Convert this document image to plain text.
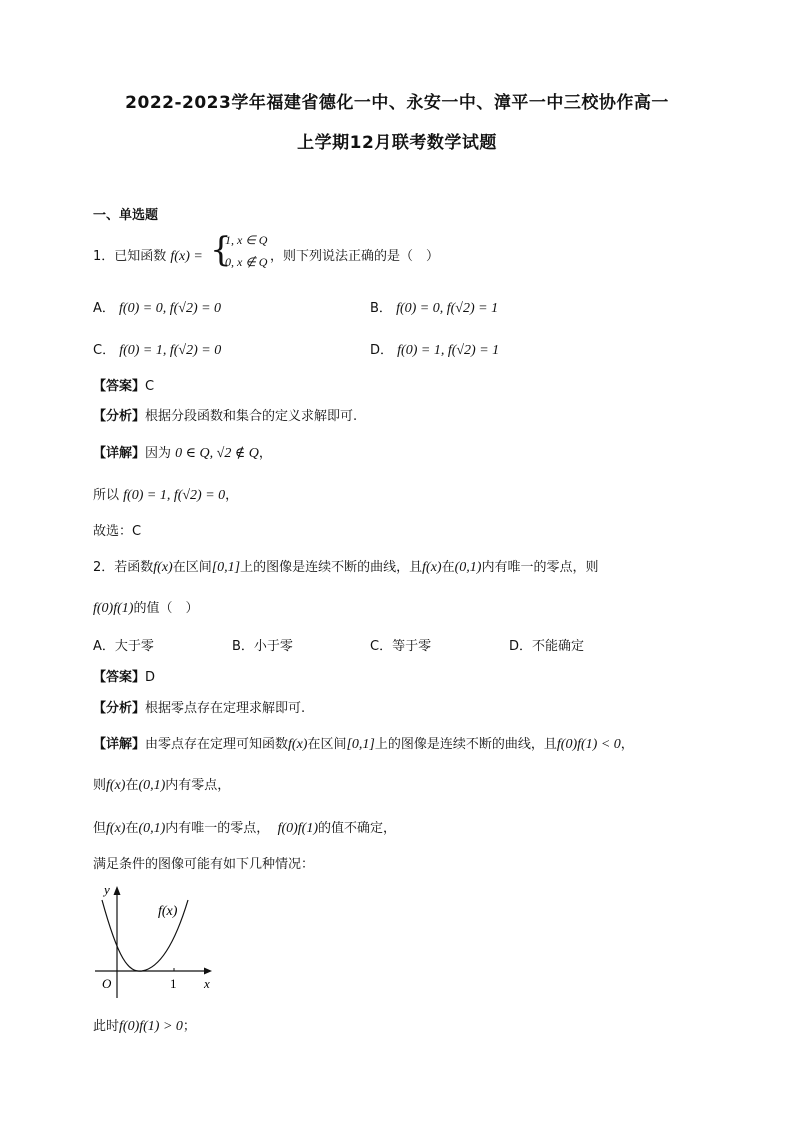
2022-2023学年福建省德化一中、永安一中、漳平一中三校协作高一
上学期12月联考数学试题
一、单选题
1．已知函数 f(x) = {
1, x ∈ Q
0, x ∉ Q ，则下列说法正确的是（　）
A． f(0) = 0, f(√2) = 0	B． f(0) = 0, f(√2) = 1
C． f(0) = 1, f(√2) = 0	D． f(0) = 1, f(√2) = 1
【答案】C
【分析】根据分段函数和集合的定义求解即可.
【详解】因为 0 ∈ Q, √2 ∉ Q，
所以 f(0) = 1, f(√2) = 0，
故选：C
2．若函数f(x)在区间[0,1]上的图像是连续不断的曲线，且f(x)在(0,1)内有唯一的零点，则
f(0)f(1)的值（　）
A．大于零	B．小于零	C．等于零	D．不能确定
【答案】D
【分析】根据零点存在定理求解即可.
【详解】由零点存在定理可知函数f(x)在区间[0,1]上的图像是连续不断的曲线，且f(0)f(1) < 0，
则f(x)在(0,1)内有零点，
但f(x)在(0,1)内有唯一的零点， f(0)f(1)的值不确定，
满足条件的图像可能有如下几种情况：
y
x
O	1
f(x)
此时f(0)f(1) > 0；
